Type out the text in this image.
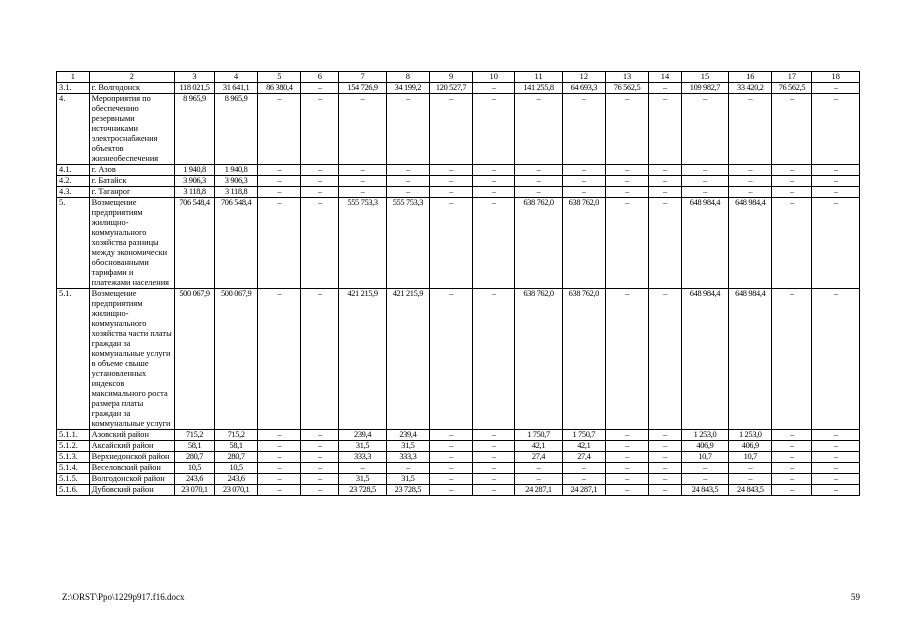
1	2	3	4	5	6	7	8	9	10	11	12	13	14	15	16	17	18
3.1.	г. Волгодонск	118 021,5	31 641,1	86 380,4	–	154 726,9	34 199,2	120 527,7	–	141 255,8	64 693,3	76 562,5	–	109 982,7	33 420,2	76 562,5	–
4.	Мероприятия по обеспечению резервными источниками электроснабжения объектов жизнеобеспечения	8 965,9	8 965,9	–	–	–	–	–	–	–	–	–	–	–	–	–	–
4.1.	г. Азов	1 940,8	1 940,8	–	–	–	–	–	–	–	–	–	–	–	–	–	–
4.2.	г. Батайск	3 906,3	3 906,3	–	–	–	–	–	–	–	–	–	–	–	–	–	–
4.3.	г. Таганрог	3 118,8	3 118,8	–	–	–	–	–	–	–	–	–	–	–	–	–	–
5.	Возмещение предприятиям жилищно-коммунального хозяйства разницы между экономически обоснованными тарифами и платежами населения	706 548,4	706 548,4	–	–	555 753,3	555 753,3	–	–	638 762,0	638 762,0	–	–	648 984,4	648 984,4	–	–
5.1.	Возмещение предприятиям жилищно-коммунального хозяйства части платы граждан за коммунальные услуги в объеме свыше установленных индексов максимального роста размера платы граждан за коммунальные услуги	500 067,9	500 067,9	–	–	421 215,9	421 215,9	–	–	638 762,0	638 762,0	–	–	648 984,4	648 984,4	–	–
5.1.1.	Азовский район	715,2	715,2	–	–	239,4	239,4	–	–	1 750,7	1 750,7	–	–	1 253,0	1 253,0	–	–
5.1.2.	Аксайский район	58,1	58,1	–	–	31,5	31,5	–	–	42,1	42,1	–	–	406,9	406,9	–	–
5.1.3.	Верхнедонской район	280,7	280,7	–	–	333,3	333,3	–	–	27,4	27,4	–	–	10,7	10,7	–	–
5.1.4.	Веселовский район	10,5	10,5	–	–	–	–	–	–	–	–	–	–	–	–	–	–
5.1.5.	Волгодонской район	243,6	243,6	–	–	31,5	31,5	–	–	–	–	–	–	–	–	–	–
5.1.6.	Дубовский район	23 070,1	23 070,1	–	–	23 728,5	23 728,5	–	–	24 287,1	24 287,1	–	–	24 843,5	24 843,5	–	–
Z:\ORST\Ppo\1229p917.f16.docx	59
